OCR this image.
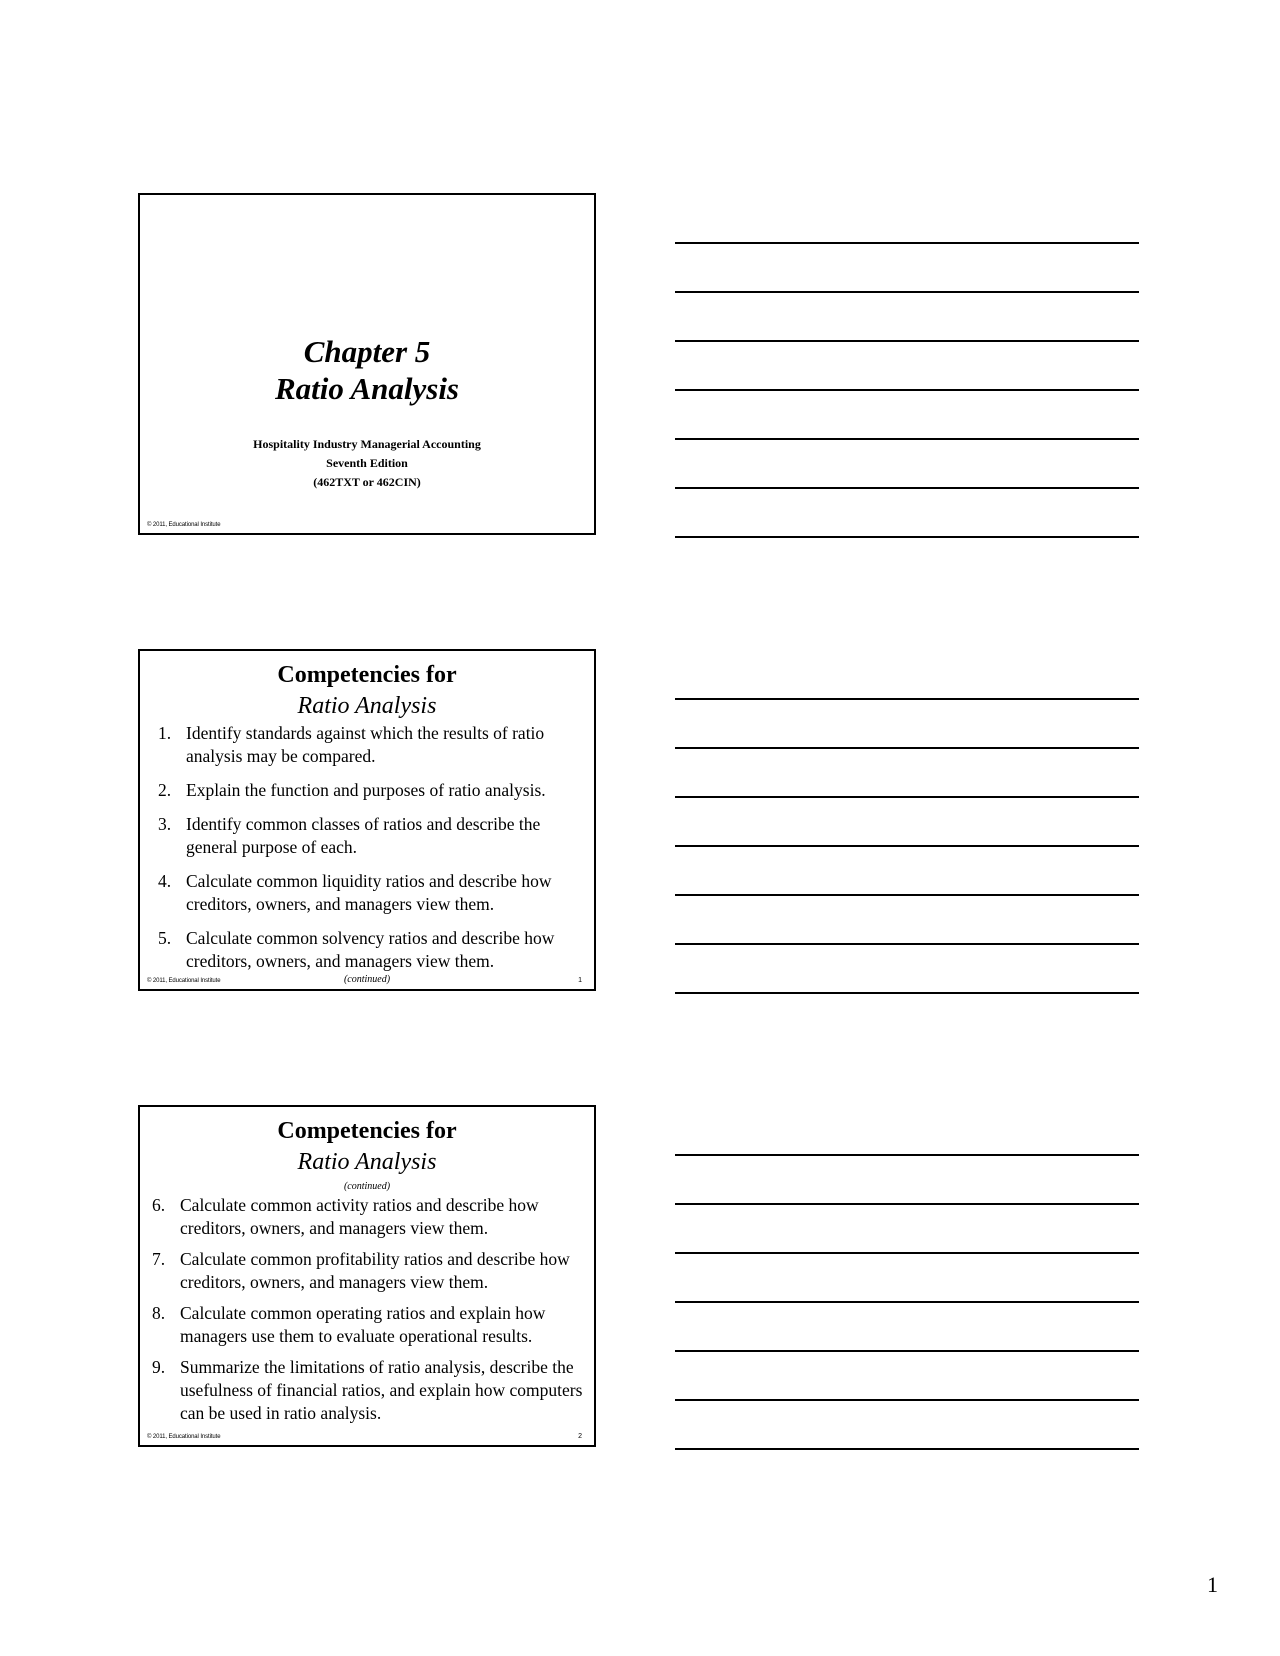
Chapter 5
Ratio Analysis
Hospitality Industry Managerial Accounting
Seventh Edition
(462TXT or 462CIN)
© 2011, Educational Institute
Competencies for
Ratio Analysis
1. Identify standards against which the results of ratio analysis may be compared.
2. Explain the function and purposes of ratio analysis.
3. Identify common classes of ratios and describe the general purpose of each.
4. Calculate common liquidity ratios and describe how creditors, owners, and managers view them.
5. Calculate common solvency ratios and describe how creditors, owners, and managers view them.
(continued)
© 2011, Educational Institute	1
Competencies for
Ratio Analysis
(continued)
6. Calculate common activity ratios and describe how creditors, owners, and managers view them.
7. Calculate common profitability ratios and describe how creditors, owners, and managers view them.
8. Calculate common operating ratios and explain how managers use them to evaluate operational results.
9. Summarize the limitations of ratio analysis, describe the usefulness of financial ratios, and explain how computers can be used in ratio analysis.
© 2011, Educational Institute	2
1
